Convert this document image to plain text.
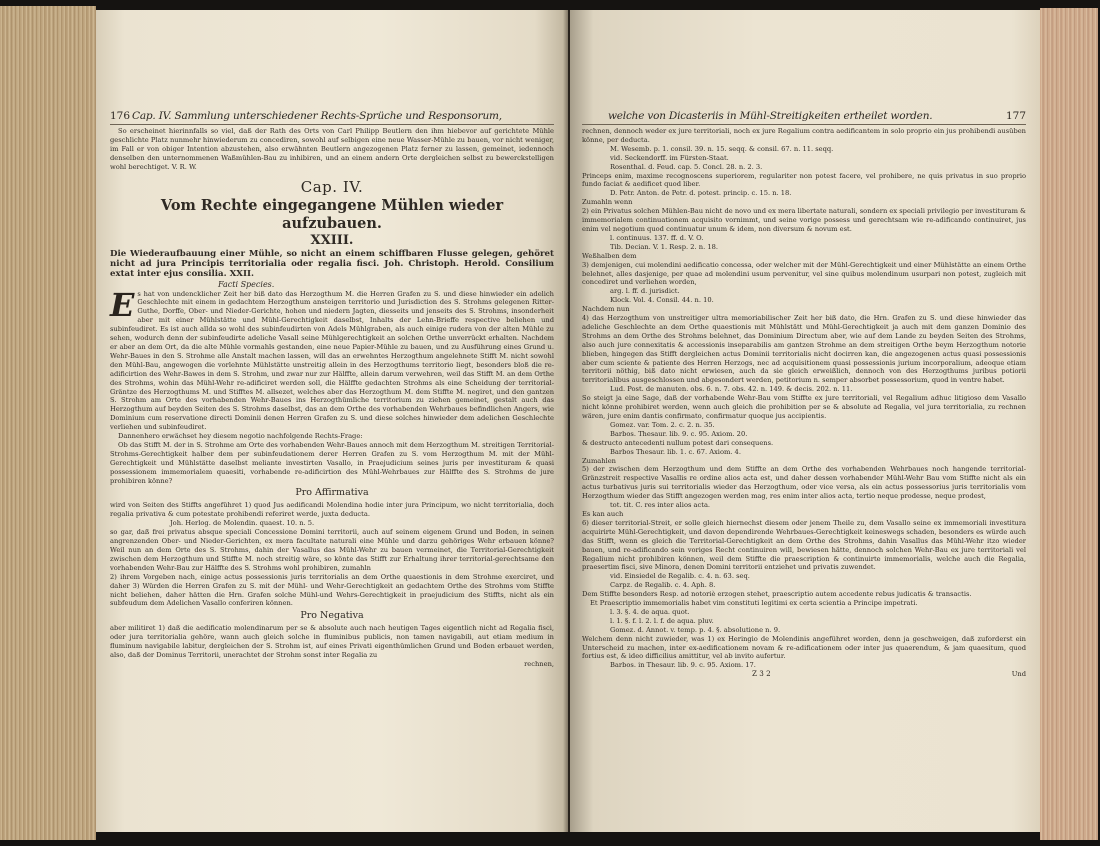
176 Cap. IV. Sammlung unterschiedener Rechts-Sprüche und Responsorum,

So erscheinet hierinnfalls so viel, daß der Rath des Orts von Carl Philipp Beutlern den ihm hiebevor auf gerichtete Mühle geschlichte Platz nunmehr hinwiederum zu concediren, sowohl auf selbigen eine neue Wasser-Mühle zu bauen, vor nicht weniger, im Fall er von obiger Intention abzustehen, also erwähnten Beutlern angezogenen Platz ferner zu lassen, gemeinet, iedennoch denselben den unternommenen Waßmühlen-Bau zu inhibiren, und an einem andern Orte dergleichen selbst zu bewerckstelligen wohl berechtiget. V. R. W.

Cap. IV.
Vom Rechte eingegangene Mühlen wieder aufzubauen.
XXIII.

Die Wiederaufbauung einer Mühle, so nicht an einem schiffbaren Flusse gelegen, gehöret nicht ad jura Principis territorialia oder regalia fisci. Joh. Christoph. Herold. Consilium extat inter ejus consilia. XXII.

Facti Species.

Es hat von undencklicher Zeit her biß dato das Herzogthum M. die Herren Grafen zu S. und diese hinwieder ein adelich Geschlechte mit einem in gedachtem Herzogthum ansteigen territorio und Jurisdiction des S. Strohms gelegenen Ritter-Guthe, Dorffe, Ober- und Nieder-Gerichte, hohen und niedern Jagten, diesseits und jenseits des S. Strohms, insonderheit aber mit einer Mühlstätte und Mühl-Gerechtigkeit daselbst, Inhalts der Lehn-Brieffe respective beliehen und subinfeudiret. Es ist auch allda so wohl des subinfeudirten von Adels Mühlgraben, als auch einige rudera von der alten Mühle zu sehen, wodurch denn der subinfeudirte adeliche Vasall seine Mühlgerechtigkeit an solchen Orthe unverrückt erhalten. Nachdem er aber an dem Ort, da die alte Mühle vormahls gestanden, eine neue Papier-Mühle zu bauen, und zu Ausführung eines Grund u. Wehr-Baues in den S. Strohme alle Anstalt machen lassen, will das an erwehntes Herzogthum angelehnete Stifft M. nicht sowohl den Mühl-Bau, angewogen die vorlehnte Mühlstätte unstreitig allein in des Herzogthums territorio liegt, besonders bloß die re-adificirtion des Wehr-Bawes in dem S. Strohm, und zwar nur zur Hälffte, allein darum verwehren, weil das Stifft M. an dem Orthe des Strohms, wohin das Mühl-Wehr re-adificiret werden soll, die Hälffte gedachten Strohms als eine Scheidung der territorial-Gräntze des Herzogthums M. und Stifftes M. allsezet, welches aber das Herzogthum M. dem Stiffte M. negiret, und den gantzen S. Strohm am Orte des vorhabenden Wehr-Baues ins Herzogthümliche territorium zu ziehen gemeinet, gestalt auch das Herzogthum auf beyden Seiten des S. Strohms daselbst, das an dem Orthe des vorhabenden Wehrbaues befindlichen Angers, wie Dominium cum reservatione directi Dominii denen Herren Grafen zu S. und diese solches hinwieder dem adelichen Geschlechte verliehen und subinfeudiret.

Dannenhero erwächset hey diesem negotio nachfolgende Rechts-Frage:

Ob das Stifft M. der in S. Strohme am Orte des vorhabenden Wehr-Baues annoch mit dem Herzogthum M. streitigen Territorial-Strohms-Gerechtigkeit halber dem per subinfeudationem derer Herren Grafen zu S. vom Herzogthum M. mit der Mühl-Gerechtigkeit und Mühlstätte daselbst meliante investirten Vasallo, in Praejudicium seines juris per investituram & quasi possessionem immemorialem quaesiti, vorhabende re-adificirtion des Mühl-Wehrbaues zur Hälffte des S. Strohms de jure prohibiren könne?

Pro Affirmativa

wird von Seiten des Stiffts angeführet 1) quod Jus aedificandi Molendina hodie inter jura Principum, wo nicht territorialia, doch regalia privativa & cum potestate prohibendi referiret werde, juxta deducta.

Joh. Herlog. de Molendin. quaest. 10. n. 5.

so gar, daß frei privatus absque speciali Concessione Domini territorii, auch auf seinem eigenem Grund und Boden, in seinen angrenzenden Ober- und Nieder-Gerichten, ex mera facultate naturali eine Mühle und darzu gehöriges Wehr erbauen könne? Weil nun an dem Orte des S. Strohms, dahin der Vasallus das Mühl-Wehr zu bauen vermeinet, die Territorial-Gerechtigkeit zwischen dem Herzogthum und Stiffte M. noch streitig wäre, so könte das Stifft zur Erhaltung ihrer territorial-gerechtsame den vorhabenden Wehr-Bau zur Hälffte des S. Strohms wohl prohibiren, zumahln

2) ihrem Vorgeben nach, einige actus possessionis juris territorialis an dem Orthe quaestionis in dem Strohme exerciret, und daher 3) Würden die Herren Grafen zu S. mit der Mühl- und Wehr-Gerechtigkeit an gedachtem Orthe des Strohms vom Stiffte nicht beliehen, daher hätten die Hrn. Grafen solche Mühl-und Wehrs-Gerechtigkeit in praejudicium des Stiffts, nicht als ein subfeudum dem Adelichen Vasallo conferiren können.

Pro Negativa

aber militiret 1) daß die aedificatio molendinarum per se & absolute auch nach heutigen Tages eigentlich nicht ad Regalia fisci, oder jura territorialia gehöre, wann auch gleich solche in fluminibus publicis, non tamen navigabili, aut etiam medium in fluminum navigabile labitur, dergleichen der S. Strohm ist, auf eines Privati eigenthümlichen Grund und Boden erbauet werden, also, daß der Dominus Territorii, unerachtet der Strohm sonst inter Regalia zu

rechnen,

welche von Dicasteriis in Mühl-Streitigkeiten ertheilet worden.	177

rechnen, dennoch weder ex jure territoriali, noch ex jure Regalium contra aedificantem in solo proprio ein jus prohibendi ausüben könne, per deducta.

M. Wesemb. p. 1. consil. 39. n. 15. seqq. & consil. 67. n. 11. seqq.

vid. Seckendorff. im Fürsten-Staat.

Rosenthal. d. Feud. cap. 5. Concl. 28. n. 2. 3.

Princeps enim, maxime recognoscens superiorem, regulariter non potest facere, vel prohibere, ne quis privatus in suo proprio fundo faciat & aedificet quod liber.

D. Petr. Anton. de Petr. d. potest. princip. c. 15. n. 18.

Zumahln wenn

2) ein Privatus solchen Mühlen-Bau nicht de novo und ex mera libertate naturali, sondern ex speciali privilegio per investituram & immemorialem continuationem acquisito vornimmt, und seine vorige possess und gerechtsam wie re-adificando continuiret, jus enim vel negotium quod continuatur unum & idem, non diversum & novum est.

l. continuus. 137. ff. d. V. O.

Tib. Decian. V. 1. Resp. 2. n. 18.

Weßhalben dem

3) demjenigen, cui molendini aedificatio concessa, oder welcher mit der Mühl-Gerechtigkeit und einer Mühlstätte an einem Orthe belehnet, alles dasjenige, per quae ad molendini usum pervenitur, vel sine quibus molendinum usurpari non potest, zugleich mit concediret und verliehen worden,

arg. l. ff. d. jurisdict.

Klock. Vol. 4. Consil. 44. n. 10.

Nachdem nun

4) das Herzogthum von unstreitiger ultra memoriabilischer Zeit her biß dato, die Hrn. Grafen zu S. und diese hinwieder das adeliche Geschlechte an dem Orthe quaestionis mit Mühlstätt und Mühl-Gerechtigkeit ja auch mit dem ganzen Dominio des Strohms an dem Orthe des Strohms belehnet, das Dominium Directum aber, wie auf dem Lande zu beyden Seiten des Strohms, also auch jure connexitatis & accessionis inseparabilis am gantzen Strohme an dem streitigen Orthe beym Herzogthum notorie blieben, hingegen das Stifft dergleichen actus Dominii territorialis nicht docirren kan, die angezogenen actus quasi possessionis aber cum sciente & patiente des Herren Herzogs, nec ad acquisitionem quasi possessionis jurium incorporalium, adeoque etiam territorii nöthig, biß dato nicht erwiesen, auch da sie gleich erweißlich, dennoch von des Herzogthums juribus potiorii territorialibus ausgeschlossen und abgesondert werden, petitorium n. semper absorbet possessorium, quod in ventre habet.

Lud. Post. de manuten. obs. 6. n. 7. obs. 42. n. 149. & decis. 202. n. 11.

So steigt ja eine Sage, daß der vorhabende Wehr-Bau vom Stiffte ex jure territoriali, vel Regalium adhuc litigioso dem Vasallo nicht könne prohibiret werden, wenn auch gleich die prohibition per se & absolute ad Regalia, vel jura territorialia, zu rechnen wären, jure enim dantis confirmato, confirmatur quoque jus accipientis.

Gomez. var. Tom. 2. c. 2. n. 35.

Barbos. Thesaur. lib. 9. c. 95. Axiom. 20.

& destructo antecedenti nullum potest dari consequens.

Barbos Thesaur. lib. 1. c. 67. Axiom. 4.

Zumahlen

5) der zwischen dem Herzogthum und dem Stiffte an dem Orthe des vorhabenden Wehrbaues noch hangende territorial-Gränzstreit respective Vasallis re ordine alios acta est, und daher dessen vorhabender Mühl-Wehr Bau vom Stiffte nicht als ein actus turbativus juris sui territorialis wieder das Herzogthum, oder vice versa, als ein actus possessorius juris territorialis vom Herzogthum wieder das Stifft angezogen werden mag, res enim inter alios acta, tertio neque prodesse, neque prodest,

tot. tit. C. res inter alios acta.

Es kan auch

6) dieser territorial-Streit, er solle gleich hiernechst diesem oder jenem Theile zu, dem Vasallo seine ex immemoriali investitura acquirirte Mühl-Gerechtigkeit, und davon dependirende Wehrbaues-Gerechtigkeit keineswegs schaden, besonders es würde auch das Stifft, wenn es gleich die Territorial-Gerechtigkeit an dem Orthe des Strohms, dahin Vasallus das Mühl-Wehr itzo wieder bauen, und re-adificando sein voriges Recht continuiren will, bewiesen hätte, dennoch solchen Wehr-Bau ex jure territoriali vel Regalium nicht prohibiren können, weil dem Stiffte die praescription & continuirte immemorialis, welche auch die Regalia, praesertim fisci, sive Minora, denen Domini territorii entziehet und privatis zuwendet.

vid. Einsiedel de Regalib. c. 4. n. 63. seq.

Carpz. de Regalib. c. 4. Aph. 8.

Dem Stiffte besonders Resp. ad notoriè erzogen stehet, praescriptio autem accedente rebus judicatis & transactis.

Et Praescriptio immemorialis habet vim constituti legitimi ex certa scientia a Principe impetrati.

l. 3. §. 4. de aqua. quot.

l. 1. §. f. l. 2. l. f. de aqua. pluv.

Gomez. d. Annot. v. temp. p. 4. §. absolutione n. 9.

Welchem denn nicht zuwieder, was 1) ex Heringio de Molendinis angeführet worden, denn ja geschweigen, daß zuforderst ein Unterscheid zu machen, inter ex-aedificationem novam & re-adificationem oder inter jus quaerendum, & jam quaesitum, quod fortius est, & ideo difficilius amittitur, vel ab invito aufertur.

Barbos. in Thesaur. lib. 9. c. 95. Axiom. 17.

Z 3 2	Und
